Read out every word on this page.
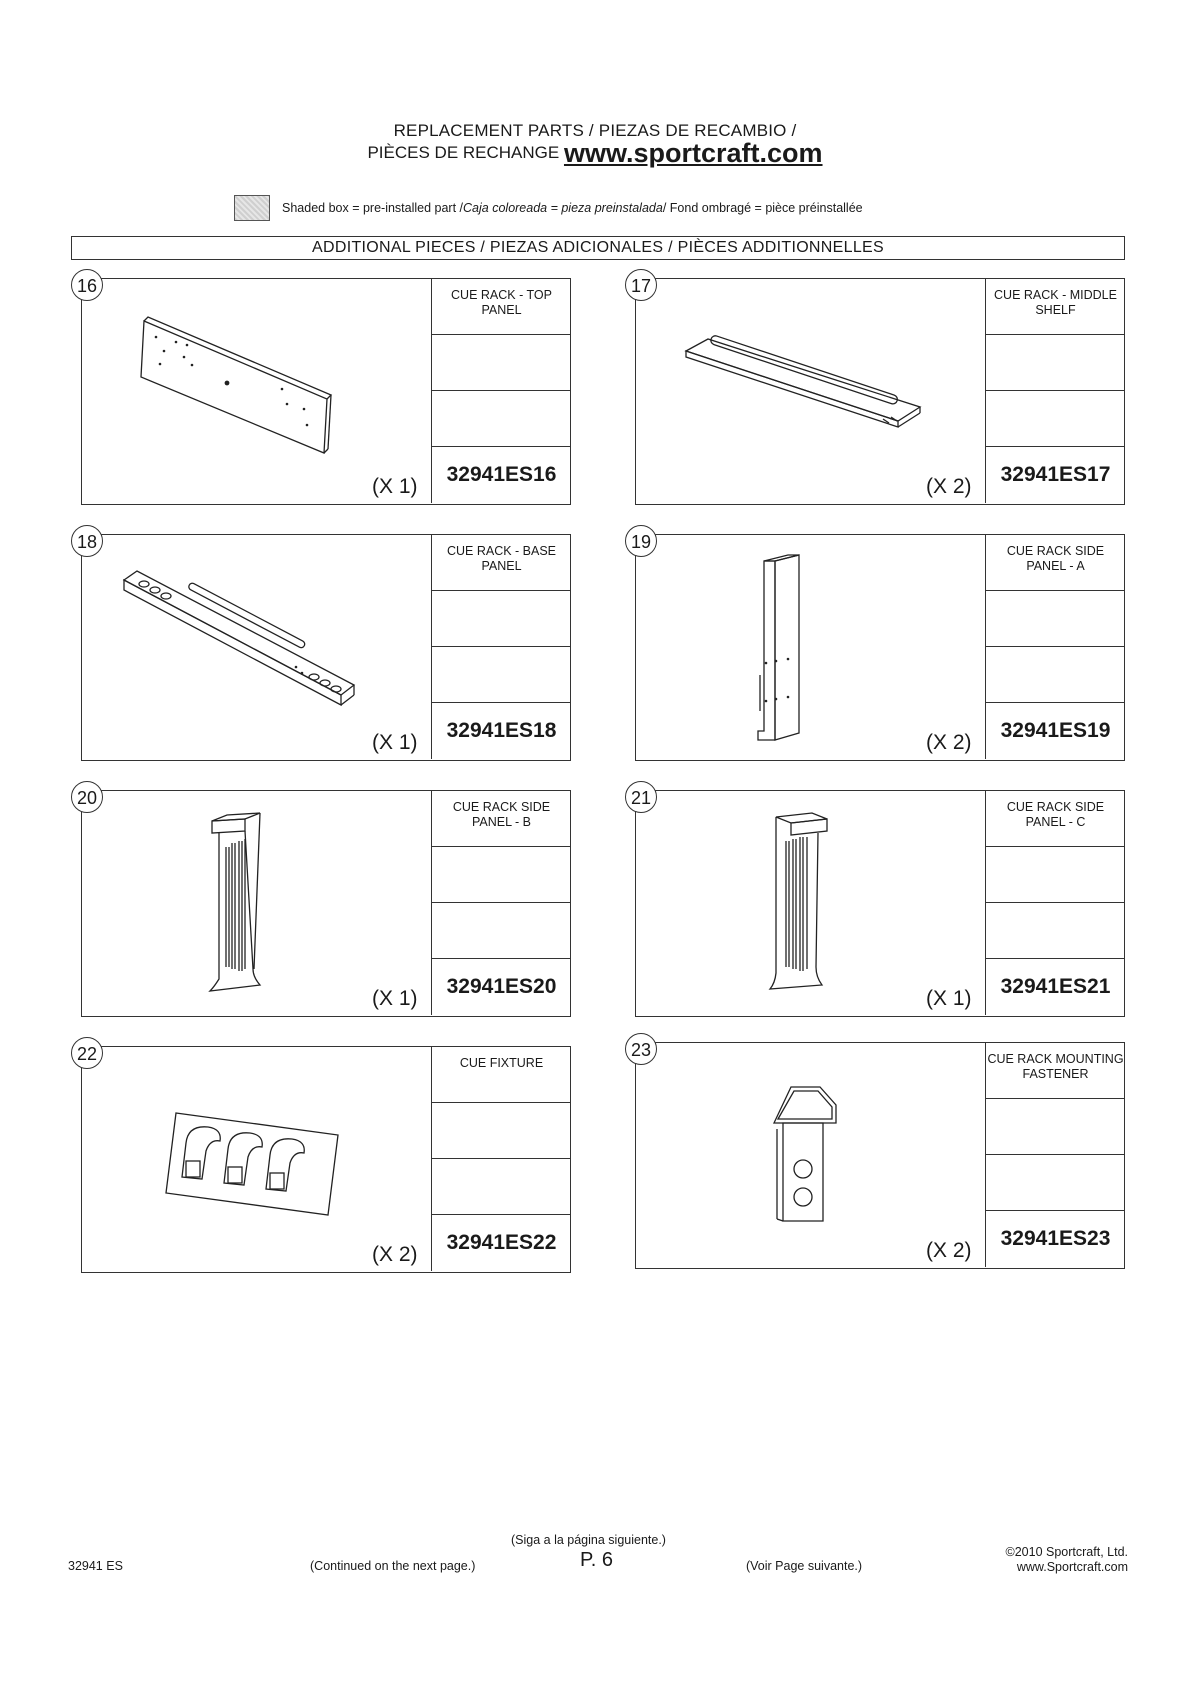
REPLACEMENT PARTS / PIEZAS DE RECAMBIO /
PIÈCES DE RECHANGE www.sportcraft.com
Shaded box = pre-installed part / Caja coloreada = pieza preinstalada / Fond ombragé = pièce préinstallée
ADDITIONAL PIECES / PIEZAS ADICIONALES / PIÈCES ADDITIONNELLES
16
(X 1)
CUE RACK - TOP PANEL
32941ES16
17
(X 2)
CUE RACK - MIDDLE SHELF
32941ES17
18
(X 1)
CUE RACK - BASE PANEL
32941ES18
19
(X 2)
CUE RACK SIDE PANEL - A
32941ES19
20
(X 1)
CUE RACK SIDE PANEL - B
32941ES20
21
(X 1)
CUE RACK SIDE PANEL - C
32941ES21
22
(X 2)
CUE FIXTURE
32941ES22
23
(X 2)
CUE RACK MOUNTING FASTENER
32941ES23
32941 ES	(Continued on the next page.)
(Siga a la página siguiente.)
P. 6	(Voir Page suivante.)
©2010 Sportcraft, Ltd.
www.Sportcraft.com
